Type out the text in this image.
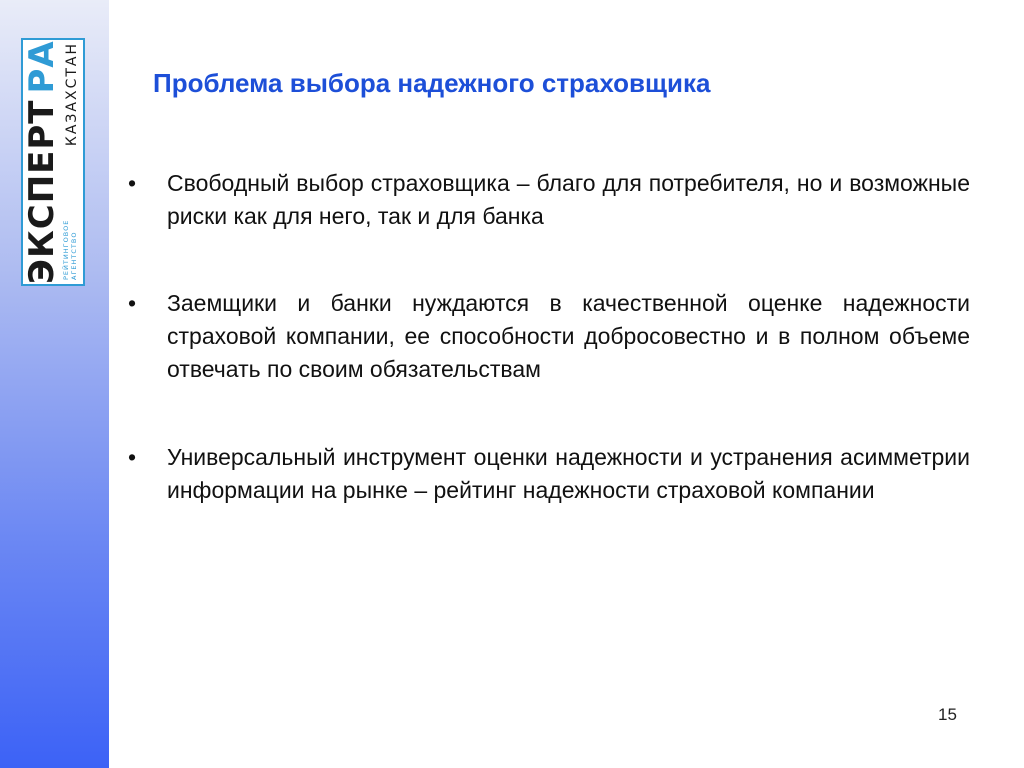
ЭКСПЕРТ
РА
РЕЙТИНГОВОЕ АГЕНТСТВО
КАЗАХСТАН	Проблема выбора надежного страховщика
•	Свободный выбор страховщика – благо для потребителя, но и возможные риски как для него, так и для банка
•	Заемщики и банки нуждаются в качественной оценке надежности страховой компании, ее способности добросовестно и в полном объеме отвечать по своим обязательствам
•	Универсальный инструмент оценки надежности и устранения асимметрии информации на рынке – рейтинг надежности страховой компании
15
